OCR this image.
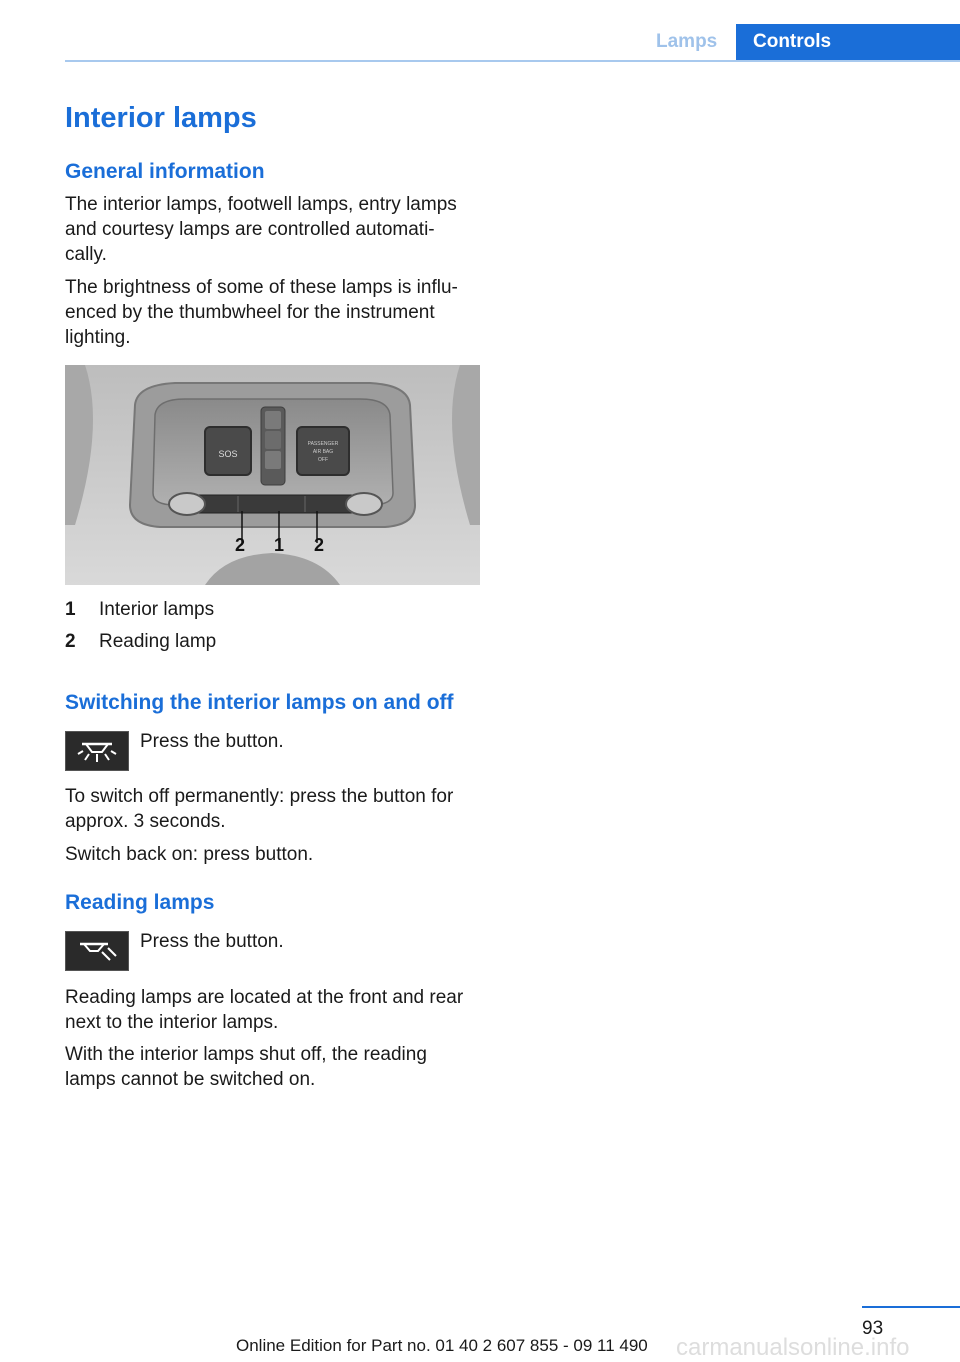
Lamps	Controls
Interior lamps
General information

The interior lamps, footwell lamps, entry lamps

and courtesy lamps are controlled automati-

cally.

The brightness of some of these lamps is influ-

enced by the thumbwheel for the instrument

lighting.

SOS
PASSENGER
AIR BAG
OFF
2 1 2
1 Interior lamps
2 Reading lamp
Switching the interior lamps on and off
Press the button.

To switch off permanently: press the button for

approx. 3 seconds.

Switch back on: press button.

Reading lamps
Press the button.

Reading lamps are located at the front and rear

next to the interior lamps.

With the interior lamps shut off, the reading

lamps cannot be switched on.

93
Online Edition for Part no. 01 40 2 607 855 - 09 11 490 carmanualsonline.info
